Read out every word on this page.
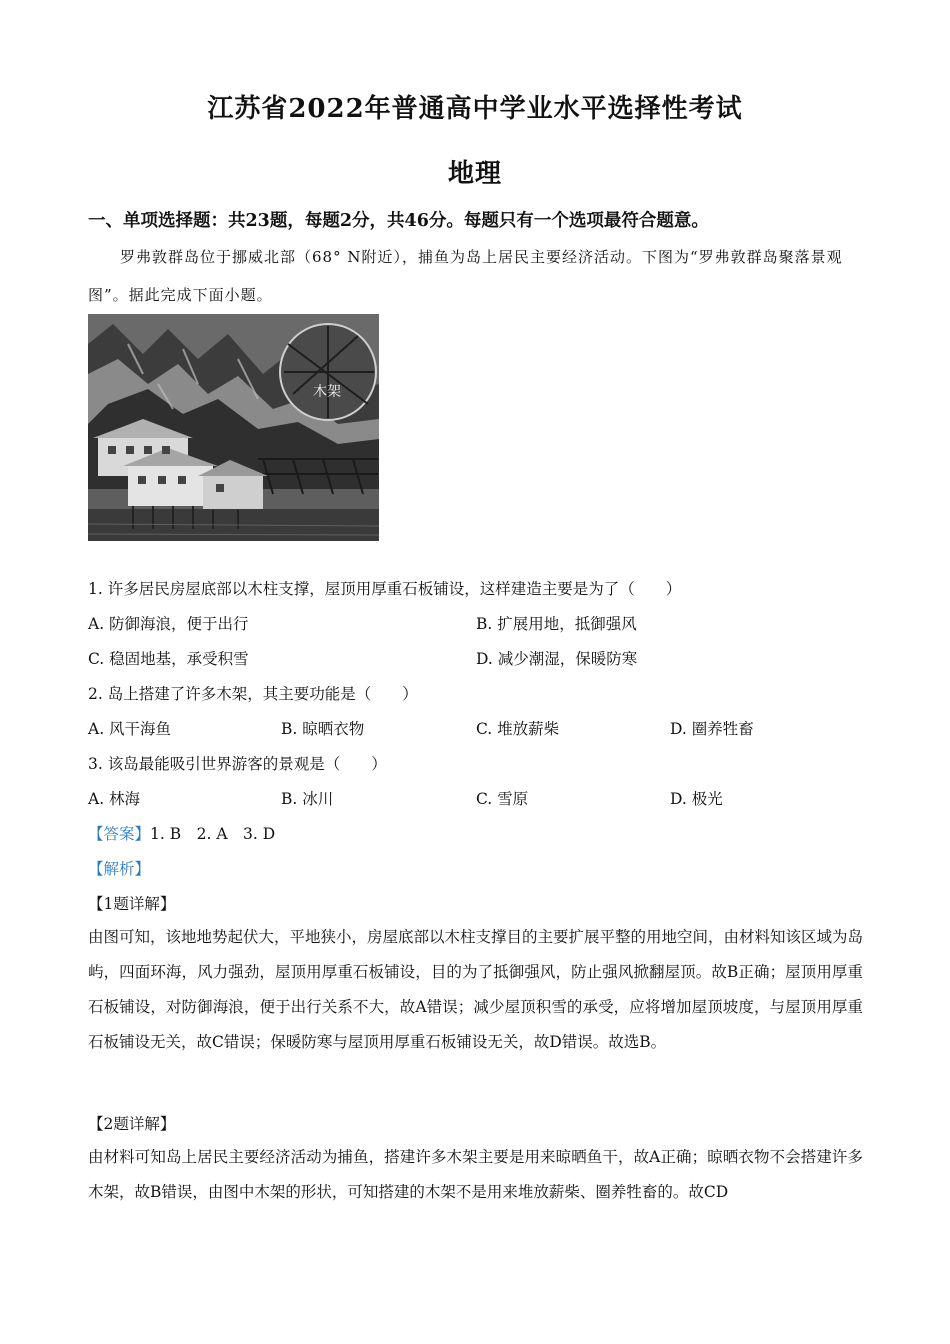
江苏省2022年普通高中学业水平选择性考试
地理
一、单项选择题：共23题，每题2分，共46分。每题只有一个选项最符合题意。
罗弗敦群岛位于挪威北部（68° N附近），捕鱼为岛上居民主要经济活动。下图为“罗弗敦群岛聚落景观图”。据此完成下面小题。
木架
1. 许多居民房屋底部以木柱支撑，屋顶用厚重石板铺设，这样建造主要是为了（　　）
A. 防御海浪，便于出行	B. 扩展用地，抵御强风
C. 稳固地基，承受积雪	D. 减少潮湿，保暖防寒
2. 岛上搭建了许多木架，其主要功能是（　　）
A. 风干海鱼	B. 晾晒衣物	C. 堆放薪柴	D. 圈养牲畜
3. 该岛最能吸引世界游客的景观是（　　）
A. 林海	B. 冰川	C. 雪原	D. 极光
【答案】1. B　2. A　3. D
【解析】
【1题详解】
由图可知，该地地势起伏大，平地狭小，房屋底部以木柱支撑目的主要扩展平整的用地空间，由材料知该区域为岛屿，四面环海，风力强劲，屋顶用厚重石板铺设，目的为了抵御强风，防止强风掀翻屋顶。故B正确；屋顶用厚重石板铺设，对防御海浪，便于出行关系不大，故A错误；减少屋顶积雪的承受，应将增加屋顶坡度，与屋顶用厚重石板铺设无关，故C错误；保暖防寒与屋顶用厚重石板铺设无关，故D错误。故选B。
【2题详解】
由材料可知岛上居民主要经济活动为捕鱼，搭建许多木架主要是用来晾晒鱼干，故A正确；晾晒衣物不会搭建许多木架，故B错误，由图中木架的形状，可知搭建的木架不是用来堆放薪柴、圈养牲畜的。故CD
